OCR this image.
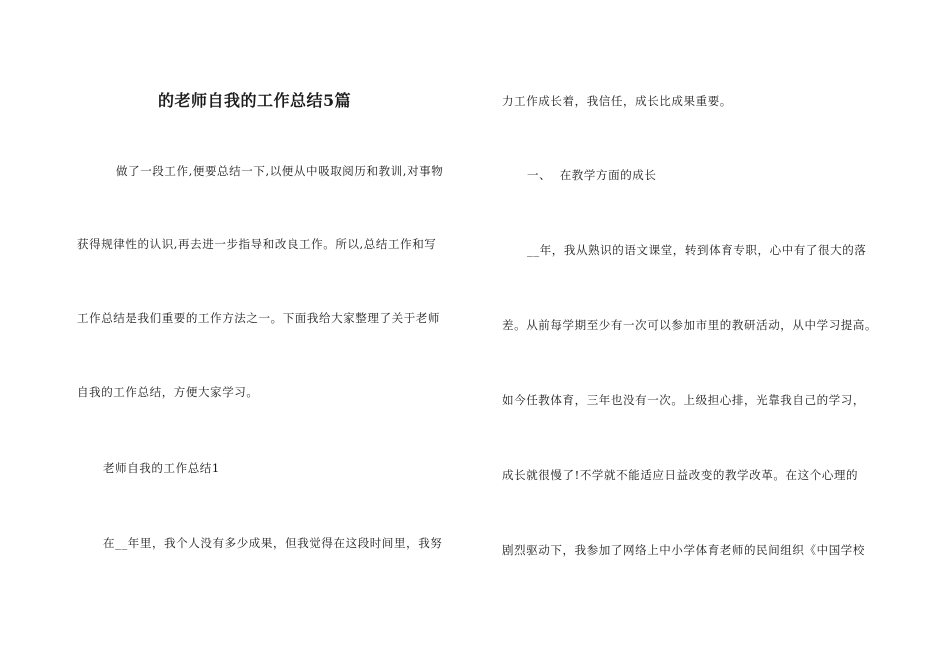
的老师自我的工作总结5篇
做了一段工作,便要总结一下,以便从中吸取阅历和教训,对事物
获得规律性的认识,再去进一步指导和改良工作。所以,总结工作和写
工作总结是我们重要的工作方法之一。下面我给大家整理了关于老师
自我的工作总结，方便大家学习。
老师自我的工作总结1
在__年里，我个人没有多少成果，但我觉得在这段时间里，我努
力工作成长着，我信任，成长比成果重要。
一、  在教学方面的成长
__年，我从熟识的语文课堂，转到体育专职，心中有了很大的落
差。从前每学期至少有一次可以参加市里的教研活动，从中学习提高。
如今任教体育，三年也没有一次。上级担心排，光靠我自己的学习，
成长就很慢了!不学就不能适应日益改变的教学改革。在这个心理的
剧烈驱动下，我参加了网络上中小学体育老师的民间组织《中国学校
